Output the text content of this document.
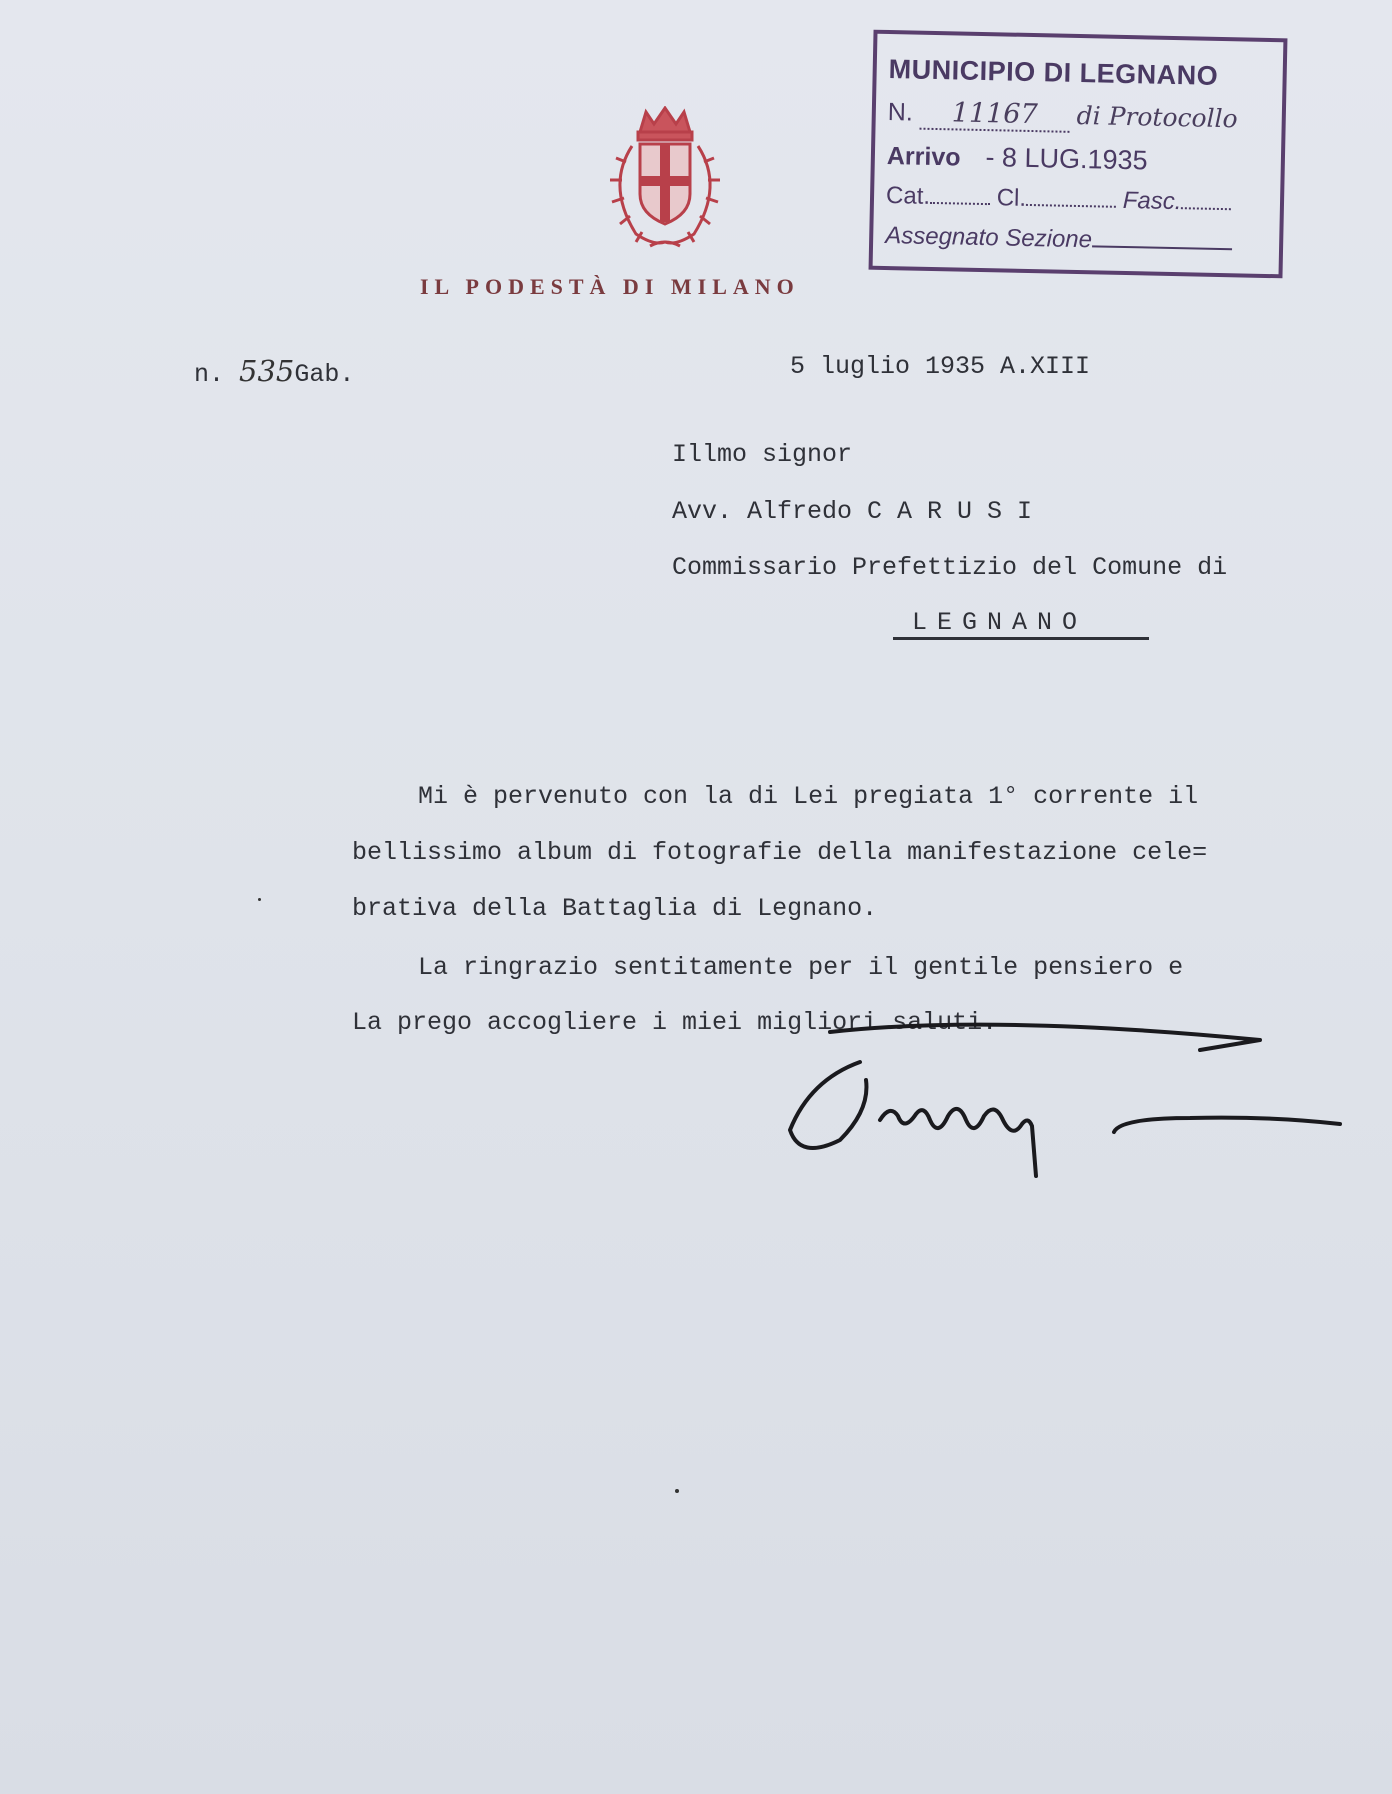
IL PODESTÀ DI MILANO
MUNICIPIO DI LEGNANO
N. 11167 di Protocollo
Arrivo - 8 LUG.1935
Cat.	Cl.	Fasc.
Assegnato Sezione
n. 535Gab.	5 luglio 1935 A.XIII
Illmo signor
Avv. Alfredo C A R U S I
Commissario Prefettizio del Comune di
LEGNANO
Mi è pervenuto con la di Lei pregiata 1° corrente il
bellissimo album di fotografie della manifestazione cele=
brativa della Battaglia di Legnano.
La ringrazio sentitamente per il gentile pensiero e
La prego accogliere i miei migliori saluti.
